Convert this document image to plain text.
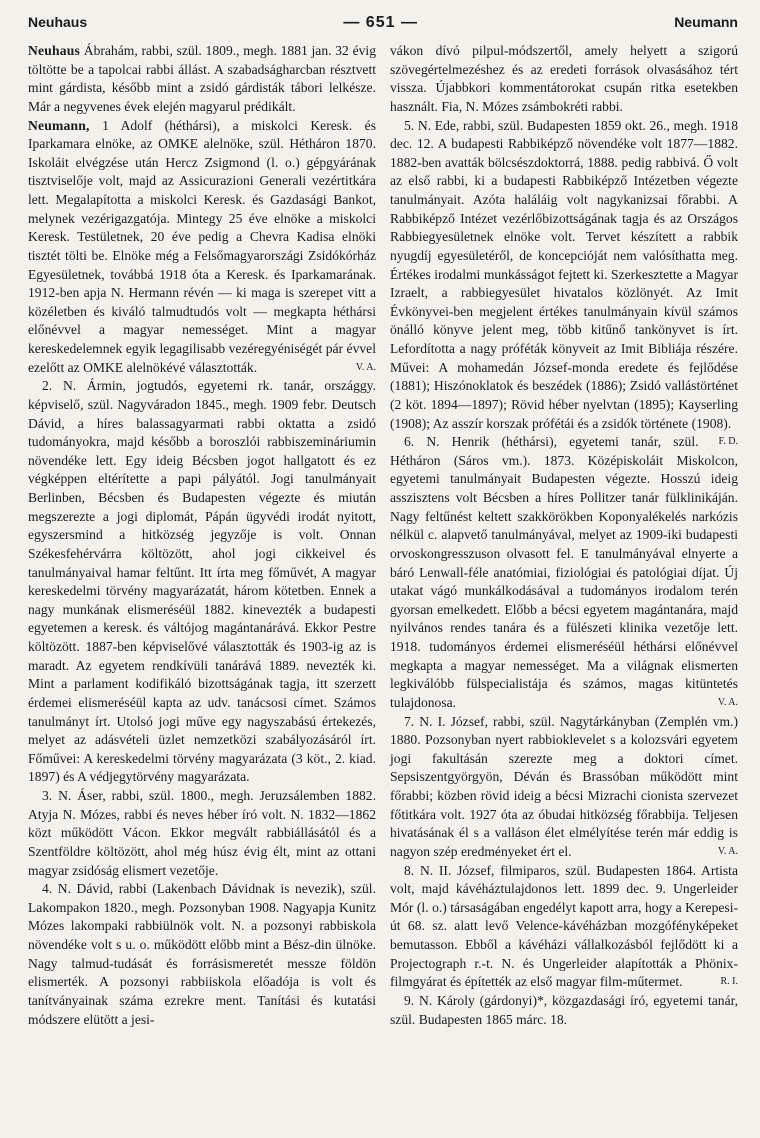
Neuhaus	— 651 —	Neumann

Neuhaus Ábrahám, rabbi, szül. 1809., megh. 1881 jan. 32 évig töltötte be a tapolcai rabbi állást. A szabadságharcban résztvett mint gárdista, később mint a zsidó gárdisták tábori lelkésze. Már a negyvenes évek elején magyarul prédikált.

Neumann, 1 Adolf (héthársi), a miskolci Keresk. és Iparkamara elnöke, az OMKE alelnöke, szül. Hétháron 1870. Iskoláit elvégzése után Hercz Zsigmond (l. o.) gépgyárának tisztviselője volt, majd az Assicurazioni Generali vezértitkára lett. Megalapította a miskolci Keresk. és Gazdasági Bankot, melynek vezérigazgatója. Mintegy 25 éve elnöke a miskolci Keresk. Testületnek, 20 éve pedig a Chevra Kadisa elnöki tisztét tölti be. Elnöke még a Felsőmagyarországi Zsidókórház Egyesületnek, továbbá 1918 óta a Keresk. és Iparkamarának. 1912-ben apja N. Hermann révén — ki maga is szerepet vitt a közéletben és kiváló talmudtudós volt — megkapta héthársi előnévvel a magyar nemességet. Mint a magyar kereskedelemnek egyik legagilisabb vezéregyéniségét pár évvel ezelőtt az OMKE alelnökévé választották.	V. A.

2. N. Ármin, jogtudós, egyetemi rk. tanár, országgy. képviselő, szül. Nagyváradon 1845., megh. 1909 febr. Deutsch Dávid, a híres balassagyarmati rabbi oktatta a zsidó tudományokra, majd később a boroszlói rabbiszemináriumin növendéke lett. Egy ideig Bécsben jogot hallgatott és ez végképpen eltérítette a papi pályától. Jogi tanulmányait Berlinben, Bécsben és Budapesten végezte és miután megszerezte a jogi diplomát, Pápán ügyvédi irodát nyitott, egyszersmind a hitközség jegyzője is volt. Onnan Székesfehérvárra költözött, ahol jogi cikkeivel és tanulmányaival hamar feltűnt. Itt írta meg főművét, A magyar kereskedelmi törvény magyarázatát, három kötetben. Ennek a nagy munkának elismeréséül 1882. kinevezték a budapesti egyetemen a keresk. és váltójog magántanárává. Ekkor Pestre költözött. 1887-ben képviselővé választották és 1903-ig az is maradt. Az egyetem rendkívüli tanárává 1889. nevezték ki. Mint a parlament kodifikáló bizottságának tagja, itt szerzett érdemei elismeréséül kapta az udv. tanácsosi címet. Számos tanulmányt írt. Utolsó jogi műve egy nagyszabású értekezés, melyet az adásvételi üzlet nemzetközi szabályozásáról írt. Főművei: A kereskedelmi törvény magyarázata (3 köt., 2. kiad. 1897) és A védjegytörvény magyarázata.

3. N. Áser, rabbi, szül. 1800., megh. Jeruzsálemben 1882. Atyja N. Mózes, rabbi és neves héber író volt. N. 1832—1862 közt működött Vácon. Ekkor megvált rabbiállásától és a Szentföldre költözött, ahol még húsz évig élt, mint az ottani magyar zsidóság elismert vezetője.

4. N. Dávid, rabbi (Lakenbach Dávidnak is nevezik), szül. Lakompakon 1820., megh. Pozsonyban 1908. Nagyapja Kunitz Mózes lakompaki rabbiülnök volt. N. a pozsonyi rabbiskola növendéke volt s u. o. működött előbb mint a Bész-din ülnöke. Nagy talmud-tudását és forrásismeretét messze földön elismerték. A pozsonyi rabbiiskola előadója is volt és tanítványainak száma ezrekre ment. Tanítási és kutatási módszere elütött a jesi-

vákon dívó pilpul-módszertől, amely helyett a szigorú szövegértelmezéshez és az eredeti források olvasásához tért vissza. Újabbkori kommentátorokat csupán ritka esetekben használt. Fia, N. Mózes zsámbokréti rabbi.

5. N. Ede, rabbi, szül. Budapesten 1859 okt. 26., megh. 1918 dec. 12. A budapesti Rabbiképző növendéke volt 1877—1882. 1882-ben avatták bölcsészdoktorrá, 1888. pedig rabbivá. Ő volt az első rabbi, ki a budapesti Rabbiképző Intézetben végezte tanulmányait. Azóta haláláig volt nagykanizsai főrabbi. A Rabbiképző Intézet vezérlőbizottságának tagja és az Országos Rabbiegyesületnek elnöke volt. Tervet készített a rabbik nyugdíj egyesületéről, de koncepcióját nem valósíthatta meg. Értékes irodalmi munkásságot fejtett ki. Szerkesztette a Magyar Izraelt, a rabbiegyesület hivatalos közlönyét. Az Imit Évkönyvei-ben megjelent értékes tanulmányain kívül számos önálló könyve jelent meg, több kitűnő tankönyvet is írt. Lefordította a nagy próféták könyveit az Imit Bibliája részére. Művei: A mohamedán József-monda eredete és fejlődése (1881); Hiszónoklatok és beszédek (1886); Zsidó vallástörténet (2 köt. 1894—1897); Rövid héber nyelvtan (1895); Kayserling (1908); Az asszír korszak prófétái és a zsidók története (1908).
F. D.

6. N. Henrik (héthársi), egyetemi tanár, szül. Hétháron (Sáros vm.). 1873. Középiskoláit Miskolcon, egyetemi tanulmányait Budapesten végezte. Hosszú ideig asszisztens volt Bécsben a híres Pollitzer tanár fülklinikáján. Nagy feltűnést keltett szakkörökben Koponyalékelés narkózis nélkül c. alapvető tanulmányával, melyet az 1909-iki budapesti orvoskongresszuson olvasott fel. E tanulmányával elnyerte a báró Lenwall-féle anatómiai, fiziológiai és patológiai díjat. Új utakat vágó munkálkodásával a tudományos irodalom terén gyorsan emelkedett. Előbb a bécsi egyetem magántanára, majd nyilvános rendes tanára és a fülészeti klinika vezetője lett. 1918. tudományos érdemei elismeréséül héthársi előnévvel megkapta a magyar nemességet. Ma a világnak elismerten legkiválóbb fülspecialistája és számos, magas kitüntetés tulajdonosa.	V. A.

7. N. I. József, rabbi, szül. Nagytárkányban (Zemplén vm.) 1880. Pozsonyban nyert rabbioklevelet s a kolozsvári egyetem jogi fakultásán szerezte meg a doktori címet. Sepsiszentgyörgyön, Déván és Brassóban működött mint főrabbi; közben rövid ideig a bécsi Mizrachi cionista szervezet főtitkára volt. 1927 óta az óbudai hitközség főrabbija. Teljesen hivatásának él s a valláson élet elmélyítése terén már eddig is nagyon szép eredményeket ért el.	V. A.

8. N. II. József, filmiparos, szül. Budapesten 1864. Artista volt, majd kávéháztulajdonos lett. 1899 dec. 9. Ungerleider Mór (l. o.) társaságában engedélyt kapott arra, hogy a Kerepesi-út 68. sz. alatt levő Velence-kávéházban mozgófényképeket bemutasson. Ebből a kávéházi vállalkozásból fejlődött ki a Projectograph r.-t. N. és Ungerleider alapították a Phönix-filmgyárat és építették az első magyar film-műtermet.	R. I.

9. N. Károly (gárdonyi)*, közgazdasági író, egyetemi tanár, szül. Budapesten 1865 márc. 18.
